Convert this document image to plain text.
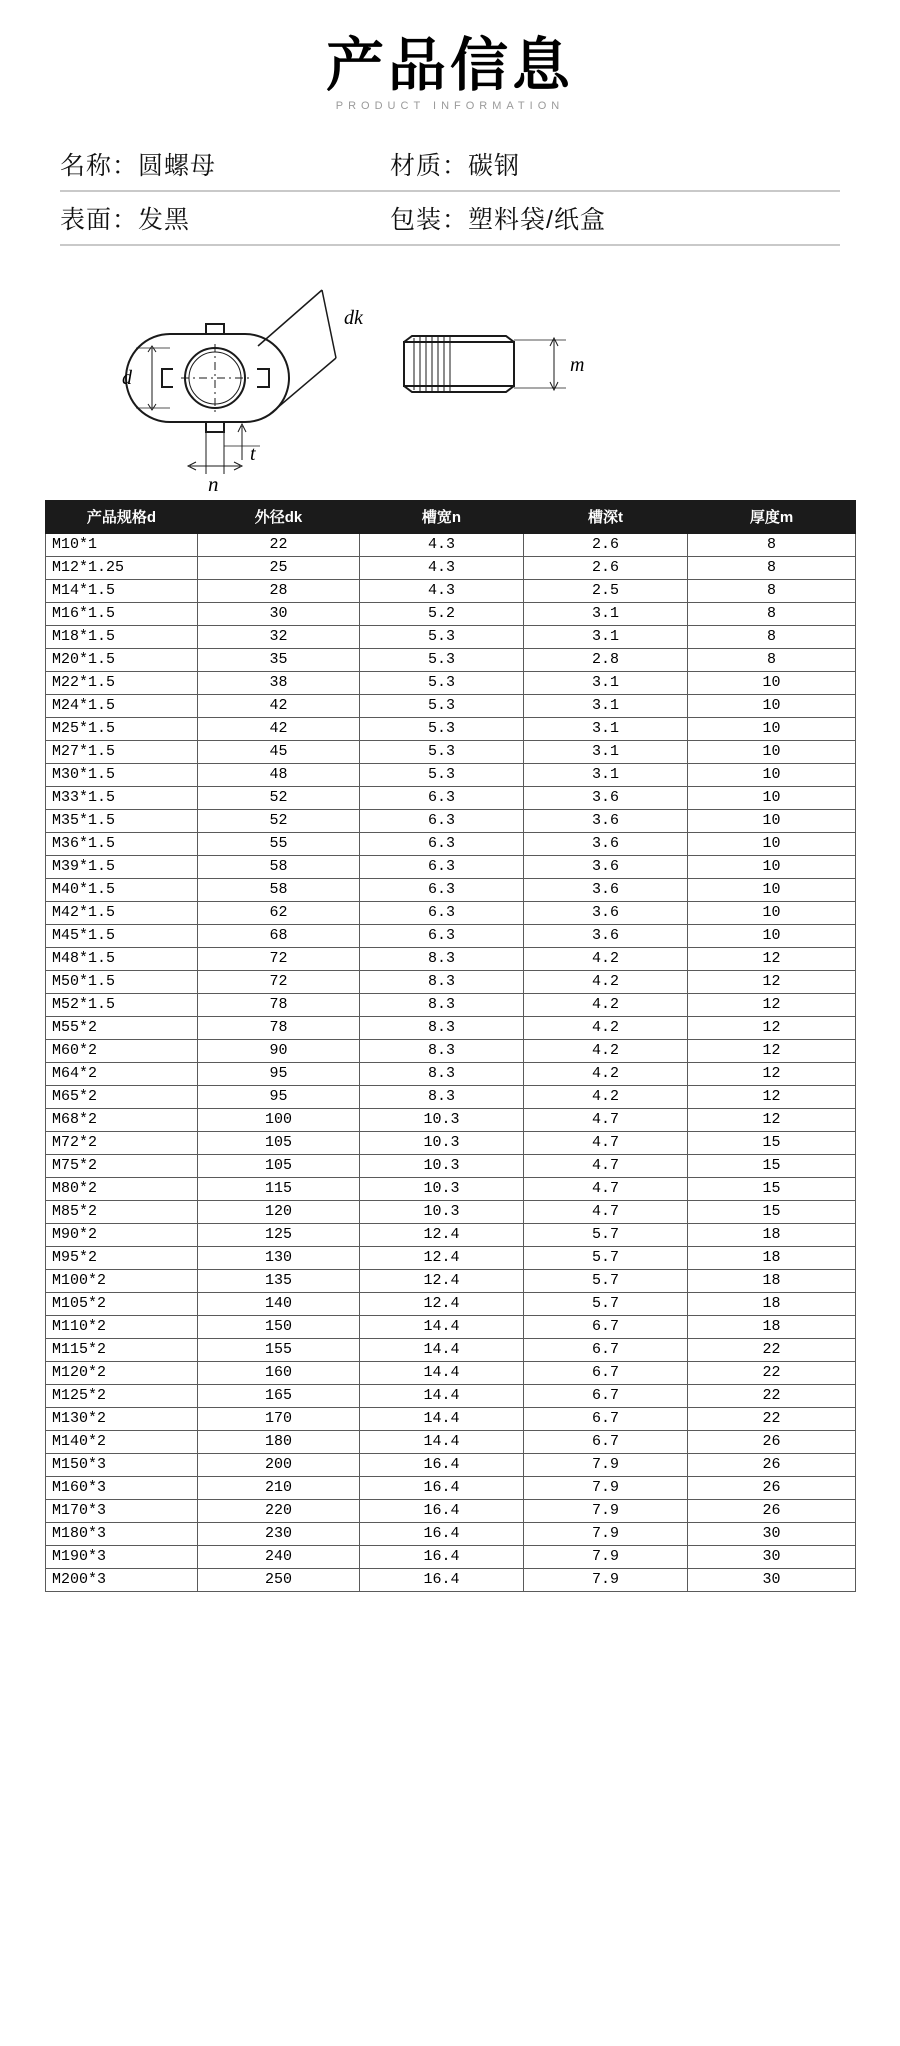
产品信息
PRODUCT INFORMATION
名称：圆螺母	材质：碳钢
表面：发黑	包装：塑料袋/纸盒
dk
d
t
n
m
产品规格d	外径dk	槽宽n	槽深t	厚度m
M10*1	22	4.3	2.6	8
M12*1.25	25	4.3	2.6	8
M14*1.5	28	4.3	2.5	8
M16*1.5	30	5.2	3.1	8
M18*1.5	32	5.3	3.1	8
M20*1.5	35	5.3	2.8	8
M22*1.5	38	5.3	3.1	10
M24*1.5	42	5.3	3.1	10
M25*1.5	42	5.3	3.1	10
M27*1.5	45	5.3	3.1	10
M30*1.5	48	5.3	3.1	10
M33*1.5	52	6.3	3.6	10
M35*1.5	52	6.3	3.6	10
M36*1.5	55	6.3	3.6	10
M39*1.5	58	6.3	3.6	10
M40*1.5	58	6.3	3.6	10
M42*1.5	62	6.3	3.6	10
M45*1.5	68	6.3	3.6	10
M48*1.5	72	8.3	4.2	12
M50*1.5	72	8.3	4.2	12
M52*1.5	78	8.3	4.2	12
M55*2	78	8.3	4.2	12
M60*2	90	8.3	4.2	12
M64*2	95	8.3	4.2	12
M65*2	95	8.3	4.2	12
M68*2	100	10.3	4.7	12
M72*2	105	10.3	4.7	15
M75*2	105	10.3	4.7	15
M80*2	115	10.3	4.7	15
M85*2	120	10.3	4.7	15
M90*2	125	12.4	5.7	18
M95*2	130	12.4	5.7	18
M100*2	135	12.4	5.7	18
M105*2	140	12.4	5.7	18
M110*2	150	14.4	6.7	18
M115*2	155	14.4	6.7	22
M120*2	160	14.4	6.7	22
M125*2	165	14.4	6.7	22
M130*2	170	14.4	6.7	22
M140*2	180	14.4	6.7	26
M150*3	200	16.4	7.9	26
M160*3	210	16.4	7.9	26
M170*3	220	16.4	7.9	26
M180*3	230	16.4	7.9	30
M190*3	240	16.4	7.9	30
M200*3	250	16.4	7.9	30
